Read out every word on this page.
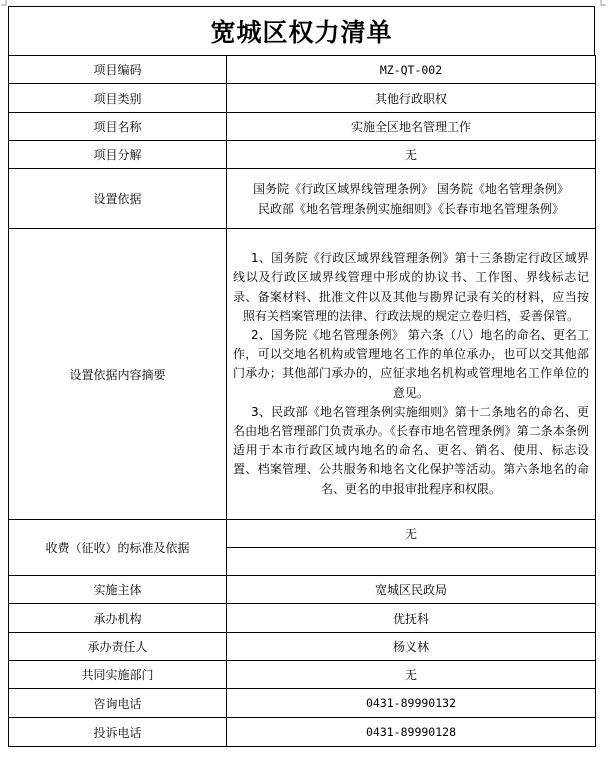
宽城区权力清单
项目编码	MZ-QT-002
项目类别	其他行政职权
项目名称	实施全区地名管理工作
项目分解	无
设置依据	国务院《行政区域界线管理条例》 国务院《地名管理条例》
民政部《地名管理条例实施细则》《长春市地名管理条例》

设置依据内容摘要	1、国务院《行政区域界线管理条例》第十三条勘定行政区域界线以及行政区域界线管理中形成的协议书、工作图、界线标志记录、备案材料、批准文件以及其他与勘界记录有关的材料，应当按照有关档案管理的法律、行政法规的规定立卷归档，妥善保管。

2、国务院《地名管理条例》 第六条（八）地名的命名、更名工作，可以交地名机构或管理地名工作的单位承办，也可以交其他部门承办；其他部门承办的，应征求地名机构或管理地名工作单位的意见。

3、民政部《地名管理条例实施细则》第十二条地名的命名、更名由地名管理部门负责承办。《长春市地名管理条例》第二条本条例适用于本市行政区域内地名的命名、更名、销名、使用、标志设置、档案管理、公共服务和地名文化保护等活动。第六条地名的命名、更名的申报审批程序和权限。

收费（征收）的标准及依据	无

实施主体	宽城区民政局
承办机构	优抚科
承办责任人	杨义林
共同实施部门	无
咨询电话	0431-89990132
投诉电话	0431-89990128
